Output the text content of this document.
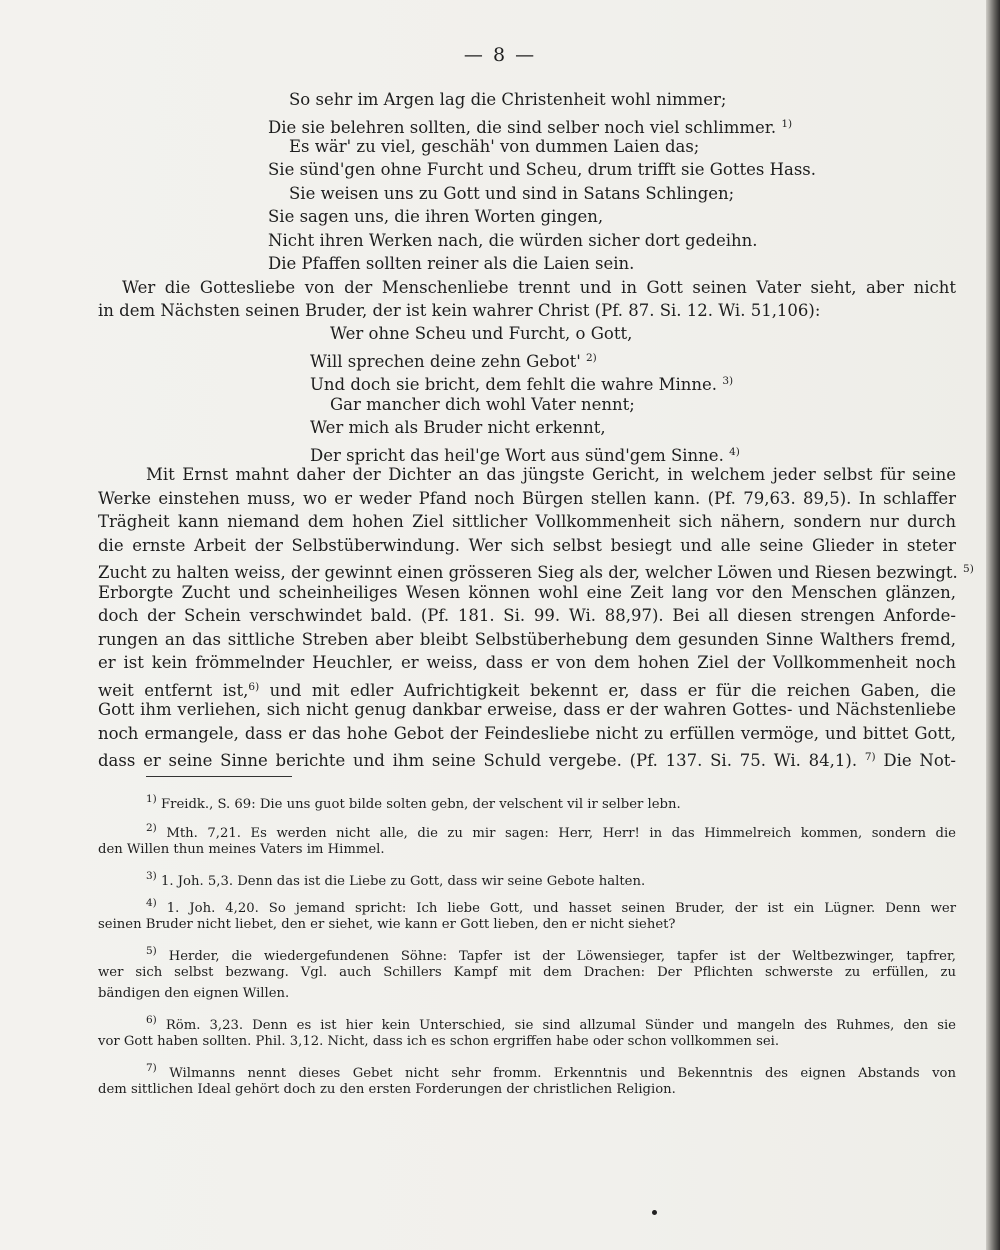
— 8 —
So sehr im Argen lag die Christenheit wohl nimmer;
Die sie belehren sollten, die sind selber noch viel schlimmer. $^{1)}$
Es wär' zu viel, geschäh' von dummen Laien das;
Sie sünd'gen ohne Furcht und Scheu, drum trifft sie Gottes Hass.
Sie weisen uns zu Gott und sind in Satans Schlingen;
Sie sagen uns, die ihren Worten gingen,
Nicht ihren Werken nach, die würden sicher dort gedeihn.
Die Pfaffen sollten reiner als die Laien sein.
Wer die Gottesliebe von der Menschenliebe trennt und in Gott seinen Vater sieht, aber nicht
in dem Nächsten seinen Bruder, der ist kein wahrer Christ (Pf. 87. Si. 12. Wi. 51,106):
Wer ohne Scheu und Furcht, o Gott,
Will sprechen deine zehn Gebot' $^{2)}$
Und doch sie bricht, dem fehlt die wahre Minne. $^{3)}$
Gar mancher dich wohl Vater nennt;
Wer mich als Bruder nicht erkennt,
Der spricht das heil'ge Wort aus sünd'gem Sinne. $^{4)}$
Mit Ernst mahnt daher der Dichter an das jüngste Gericht, in welchem jeder selbst für seine
Werke einstehen muss, wo er weder Pfand noch Bürgen stellen kann. (Pf. 79,63. 89,5). In schlaffer
Trägheit kann niemand dem hohen Ziel sittlicher Vollkommenheit sich nähern, sondern nur durch
die ernste Arbeit der Selbstüberwindung. Wer sich selbst besiegt und alle seine Glieder in steter
Zucht zu halten weiss, der gewinnt einen grösseren Sieg als der, welcher Löwen und Riesen bezwingt. $^{5)}$
Erborgte Zucht und scheinheiliges Wesen können wohl eine Zeit lang vor den Menschen glänzen,
doch der Schein verschwindet bald. (Pf. 181. Si. 99. Wi. 88,97). Bei all diesen strengen Anforde-
rungen an das sittliche Streben aber bleibt Selbstüberhebung dem gesunden Sinne Walthers fremd,
er ist kein frömmelnder Heuchler, er weiss, dass er von dem hohen Ziel der Vollkommenheit noch
weit entfernt ist,$^{6)}$ und mit edler Aufrichtigkeit bekennt er, dass er für die reichen Gaben, die
Gott ihm verliehen, sich nicht genug dankbar erweise, dass er der wahren Gottes- und Nächstenliebe
noch ermangele, dass er das hohe Gebot der Feindesliebe nicht zu erfüllen vermöge, und bittet Gott,
dass er seine Sinne berichte und ihm seine Schuld vergebe. (Pf. 137. Si. 75. Wi. 84,1). $^{7)}$ Die Not-
$^{1)}$ Freidk., S. 69: Die uns guot bilde solten gebn, der velschent vil ir selber lebn.
$^{2)}$ Mth. 7,21. Es werden nicht alle, die zu mir sagen: Herr, Herr! in das Himmelreich kommen, sondern die
den Willen thun meines Vaters im Himmel.
$^{3)}$ 1. Joh. 5,3. Denn das ist die Liebe zu Gott, dass wir seine Gebote halten.
$^{4)}$ 1. Joh. 4,20. So jemand spricht: Ich liebe Gott, und hasset seinen Bruder, der ist ein Lügner. Denn wer
seinen Bruder nicht liebet, den er siehet, wie kann er Gott lieben, den er nicht siehet?
$^{5)}$ Herder, die wiedergefundenen Söhne: Tapfer ist der Löwensieger, tapfer ist der Weltbezwinger, tapfrer,
wer sich selbst bezwang. Vgl. auch Schillers Kampf mit dem Drachen: Der Pflichten schwerste zu erfüllen, zu
bändigen den eignen Willen.
$^{6)}$ Röm. 3,23. Denn es ist hier kein Unterschied, sie sind allzumal Sünder und mangeln des Ruhmes, den sie
vor Gott haben sollten. Phil. 3,12. Nicht, dass ich es schon ergriffen habe oder schon vollkommen sei.
$^{7)}$ Wilmanns nennt dieses Gebet nicht sehr fromm. Erkenntnis und Bekenntnis des eignen Abstands von
dem sittlichen Ideal gehört doch zu den ersten Forderungen der christlichen Religion.
